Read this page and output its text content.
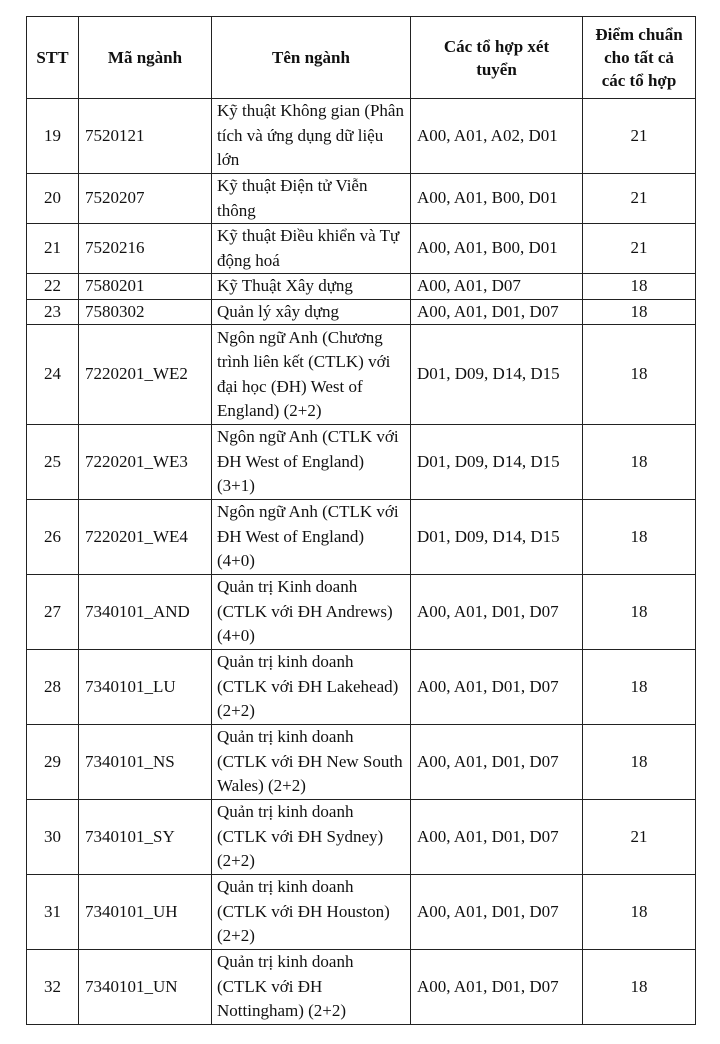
STT	Mã ngành	Tên ngành	Các tổ hợp xét tuyển	Điểm chuẩn cho tất cả các tổ hợp
19	7520121	Kỹ thuật Không gian (Phân tích và ứng dụng dữ liệu lớn	A00, A01, A02, D01	21
20	7520207	Kỹ thuật Điện tử Viễn thông	A00, A01, B00, D01	21
21	7520216	Kỹ thuật Điều khiển và Tự động hoá	A00, A01, B00, D01	21
22	7580201	Kỹ Thuật Xây dựng	A00, A01, D07	18
23	7580302	Quản lý xây dựng	A00, A01, D01, D07	18
24	7220201_WE2	Ngôn ngữ Anh (Chương trình liên kết (CTLK) với đại học (ĐH) West of England) (2+2)	D01, D09, D14, D15	18
25	7220201_WE3	Ngôn ngữ Anh (CTLK với ĐH West of England) (3+1)	D01, D09, D14, D15	18
26	7220201_WE4	Ngôn ngữ Anh (CTLK với ĐH West of England) (4+0)	D01, D09, D14, D15	18
27	7340101_AND	Quản trị Kinh doanh (CTLK với ĐH Andrews) (4+0)	A00, A01, D01, D07	18
28	7340101_LU	Quản trị kinh doanh (CTLK với ĐH Lakehead) (2+2)	A00, A01, D01, D07	18
29	7340101_NS	Quản trị kinh doanh (CTLK với ĐH New South Wales) (2+2)	A00, A01, D01, D07	18
30	7340101_SY	Quản trị kinh doanh (CTLK với ĐH Sydney) (2+2)	A00, A01, D01, D07	21
31	7340101_UH	Quản trị kinh doanh (CTLK với ĐH Houston) (2+2)	A00, A01, D01, D07	18
32	7340101_UN	Quản trị kinh doanh (CTLK với ĐH Nottingham) (2+2)	A00, A01, D01, D07	18
